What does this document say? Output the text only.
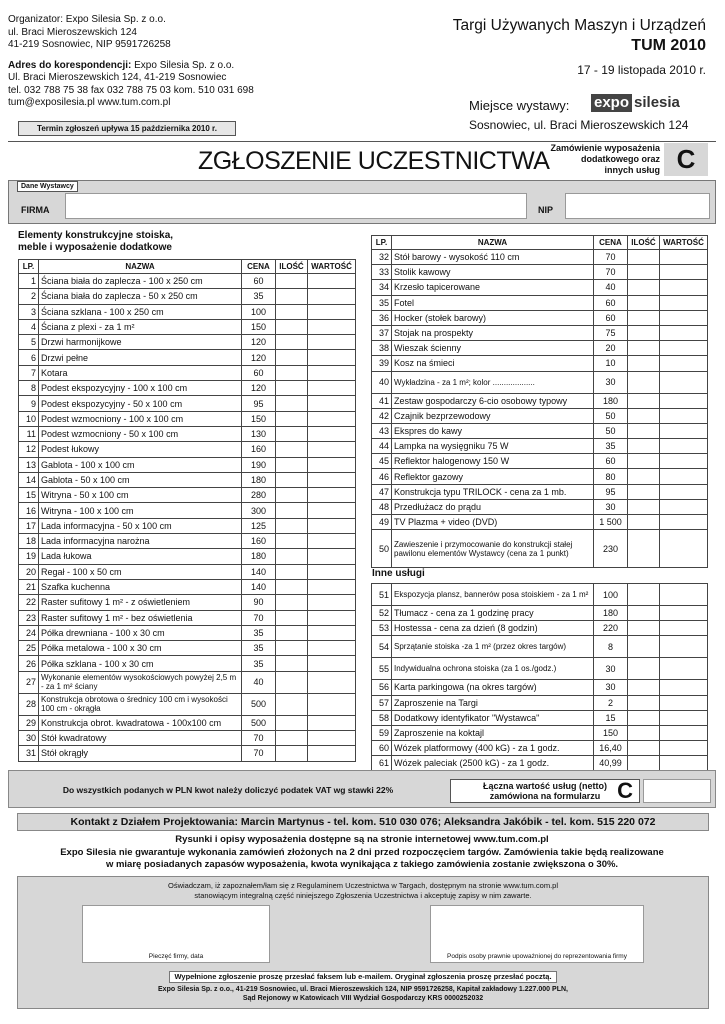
Organizator: Expo Silesia Sp. z o.o.
ul. Braci Mieroszewskich 124
41-219 Sosnowiec, NIP 9591726258
Adres do korespondencji: Expo Silesia Sp. z o.o.
Ul. Braci Mieroszewskich 124, 41-219 Sosnowiec
tel. 032 788 75 38 fax 032 788 75 03 kom. 510 031 698
tum@exposilesia.pl www.tum.com.pl
Termin zgłoszeń upływa 15 października 2010 r.
Targi Używanych Maszyn i Urządzeń
TUM 2010
17 - 19 listopada 2010 r.
Miejsce wystawy: expo silesia
Sosnowiec, ul. Braci Mieroszewskich 124
ZGŁOSZENIE UCZESTNICTWA Zamówienie wyposażenia
dodatkowego oraz
innych usług C
Dane Wystawcy
FIRMA	NIP
Elementy konstrukcyjne stoiska,
meble i wyposażenie dodatkowe
LP.	NAZWA	CENA	ILOŚĆ	WARTOŚĆ
1	Ściana biała do zaplecza - 100 x 250 cm	60		
2	Ściana biała do zaplecza - 50 x 250 cm	35		
3	Ściana szklana - 100 x 250 cm	100		
4	Ściana z plexi - za 1 m²	150		
5	Drzwi harmonijkowe	120		
6	Drzwi pełne	120		
7	Kotara	60		
8	Podest ekspozycyjny - 100 x 100 cm	120		
9	Podest ekspozycyjny - 50 x 100 cm	95		
10	Podest wzmocniony - 100 x 100 cm	150		
11	Podest wzmocniony - 50 x 100 cm	130		
12	Podest łukowy	160		
13	Gablota - 100 x 100 cm	190		
14	Gablota - 50 x 100 cm	180		
15	Witryna - 50 x 100 cm	280		
16	Witryna - 100 x 100 cm	300		
17	Lada informacyjna - 50 x 100 cm	125		
18	Lada informacyjna narożna	160		
19	Lada łukowa	180		
20	Regał - 100 x 50 cm	140		
21	Szafka kuchenna	140		
22	Raster sufitowy 1 m² - z oświetleniem	90		
23	Raster sufitowy 1 m² - bez oświetlenia	70		
24	Półka drewniana - 100 x 30 cm	35		
25	Półka metalowa - 100 x 30 cm	35		
26	Półka szklana - 100 x 30 cm	35		
27	Wykonanie elementów wysokościowych powyżej 2,5 m - za 1 m² ściany	40		
28	Konstrukcja obrotowa o średnicy 100 cm i wysokości 100 cm - okrągła	500		
29	Konstrukcja obrot. kwadratowa - 100x100 cm	500		
30	Stół kwadratowy	70		
31	Stół okrągły	70		
LP.	NAZWA	CENA	ILOŚĆ	WARTOŚĆ
32	Stół barowy - wysokość 110 cm	70		
33	Stolik kawowy	70		
34	Krzesło tapicerowane	40		
35	Fotel	60		
36	Hocker (stołek barowy)	60		
37	Stojak na prospekty	75		
38	Wieszak ścienny	20		
39	Kosz na śmieci	10		
40	Wykładzina - za 1 m²; kolor ...................	30		
41	Zestaw gospodarczy 6-cio osobowy typowy	180		
42	Czajnik bezprzewodowy	50		
43	Ekspres do kawy	50		
44	Lampka na wysięgniku 75 W	35		
45	Reflektor halogenowy 150 W	60		
46	Reflektor gazowy	80		
47	Konstrukcja typu TRILOCK - cena za 1 mb.	95		
48	Przedłużacz do prądu	30		
49	TV Plazma + video (DVD)	1 500		
50	Zawieszenie i przymocowanie do konstrukcji stałej pawilonu elementów Wystawcy (cena za 1 punkt)	230		
Inne usługi
51	Ekspozycja plansz, bannerów posa stoiskiem - za 1 m²	100		
52	Tłumacz - cena za 1 godzinę pracy	180		
53	Hostessa - cena za dzień (8 godzin)	220		
54	Sprzątanie stoiska -za 1 m² (przez okres targów)	8		
55	Indywidualna ochrona stoiska (za 1 os./godz.)	30		
56	Karta parkingowa (na okres targów)	30		
57	Zaproszenie na Targi	2		
58	Dodatkowy identyfikator "Wystawca"	15		
59	Zaproszenie na koktajl	150		
60	Wózek platformowy (400 kG) - za 1 godz.	16,40		
61	Wózek paleciak (2500 kG) - za 1 godz.	40,99		
Do wszystkich podanych w PLN kwot należy doliczyć podatek VAT wg stawki 22%	Łączna wartość usług (netto)
zamówiona na formularzu C
Kontakt z Działem Projektowania: Marcin Martynus - tel. kom. 510 030 076; Aleksandra Jakóbik - tel. kom. 515 220 072
Rysunki i opisy wyposażenia dostępne są na stronie internetowej www.tum.com.pl
Expo Silesia nie gwarantuje wykonania zamówień złożonych na 2 dni przed rozpoczęciem targów. Zamówienia takie będą realizowane
w miarę posiadanych zapasów wyposażenia, kwota wynikająca z takiego zamówienia zostanie zwiększona o 30%.
Oświadczam, iż zapoznałem/łam się z Regulaminem Uczestnictwa w Targach, dostępnym na stronie www.tum.com.pl
stanowiącym integralną część niniejszego Zgłoszenia Uczestnictwa i akceptuję zapisy w nim zawarte.
Pieczęć firmy, data	Podpis osoby prawnie upoważnionej do reprezentowania firmy
Wypełnione zgłoszenie proszę przesłać faksem lub e-mailem. Oryginał zgłoszenia proszę przesłać pocztą.
Expo Silesia Sp. z o.o., 41-219 Sosnowiec, ul. Braci Mieroszewskich 124, NIP 9591726258, Kapitał zakładowy 1.227.000 PLN,
Sąd Rejonowy w Katowicach VIII Wydział Gospodarczy KRS 0000252032
